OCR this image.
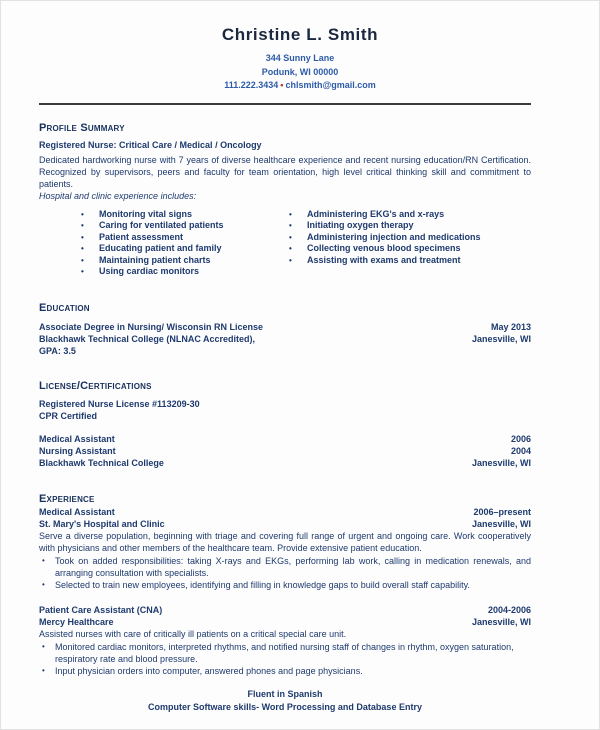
Christine L. Smith
344 Sunny Lane
Podunk, WI 00000
111.222.3434 • chlsmith@gmail.com
Profile Summary
Registered Nurse: Critical Care / Medical / Oncology
Dedicated hardworking nurse with 7 years of diverse healthcare experience and recent nursing education/RN Certification. Recognized by supervisors, peers and faculty for team orientation, high level critical thinking skill and commitment to patients.
Hospital and clinic experience includes:
•	Monitoring vital signs
•	Caring for ventilated patients
•	Patient assessment
•	Educating patient and family
•	Maintaining patient charts
•	Using cardiac monitors
•	Administering EKG's and x-rays
•	Initiating oxygen therapy
•	Administering injection and medications
•	Collecting venous blood specimens
•	Assisting with exams and treatment
Education
Associate Degree in Nursing/ Wisconsin RN License	May 2013
Blackhawk Technical College (NLNAC Accredited),	Janesville, WI
GPA: 3.5
License/Certifications
Registered Nurse License #113209-30
CPR Certified
Medical Assistant	2006
Nursing Assistant	2004
Blackhawk Technical College	Janesville, WI
Experience
Medical Assistant	2006–present
St. Mary's Hospital and Clinic	Janesville, WI
Serve a diverse population, beginning with triage and covering full range of urgent and ongoing care. Work cooperatively with physicians and other members of the healthcare team. Provide extensive patient education.
•	Took on added responsibilities: taking X-rays and EKGs, performing lab work, calling in medication renewals, and arranging consultation with specialists.
•	Selected to train new employees, identifying and filling in knowledge gaps to build overall staff capability.
Patient Care Assistant (CNA)	2004-2006
Mercy Healthcare	Janesville, WI
Assisted nurses with care of critically ill patients on a critical special care unit.
•	Monitored cardiac monitors, interpreted rhythms, and notified nursing staff of changes in rhythm, oxygen saturation, respiratory rate and blood pressure.
•	Input physician orders into computer, answered phones and page physicians.
Fluent in Spanish
Computer Software skills- Word Processing and Database Entry
